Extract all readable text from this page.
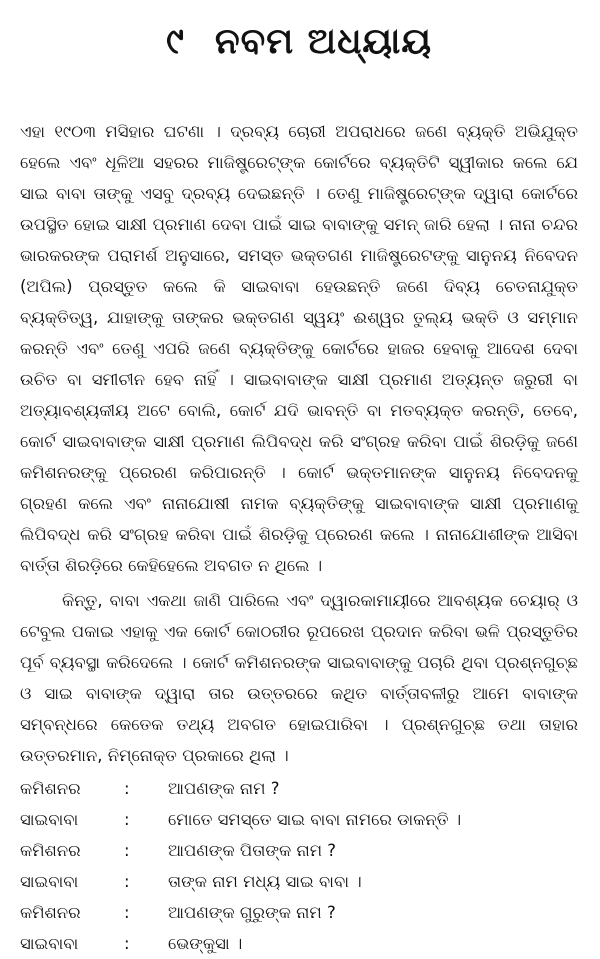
୯ ନବମ ଅଧ୍ୟାୟ

ଏହା ୧୯୦୩ ମସିହାର ଘଟଣା । ଦ୍ରବ୍ୟ ଚୋରୀ ଅପରାଧରେ ଜଣେ ବ୍ୟକ୍ତି ଅଭିଯୁକ୍ତ ହେଲେ ଏବଂ ଧୂଳିଆ ସହରର ମାଜିଷ୍ଟ୍ରେଟ୍‌ଙ୍କ କୋର୍ଟରେ ବ୍ୟକ୍ତିଟି ସ୍ୱୀକାର କଲେ ଯେ ସାଇ ବାବା ତାଙ୍କୁ ଏସବୁ ଦ୍ରବ୍ୟ ଦେଇଛନ୍ତି । ତେଣୁ ମାଜିଷ୍ଟ୍ରେଟ୍‌ଙ୍କ ଦ୍ୱାରା କୋର୍ଟରେ ଉପସ୍ଥିତ ହୋଇ ସାକ୍ଷୀ ପ୍ରମାଣ ଦେବା ପାଇଁ ସାଇ ବାବାଙ୍କୁ ସମନ୍ ଜାରି ହେଲା । ନାନା ଚନ୍ଦର ଭାରକରଙ୍କ ପରାମର୍ଶ ଅନୁସାରେ, ସମସ୍ତ ଭକ୍ତଗଣ ମାଜିଷ୍ଟ୍ରେଟଙ୍କୁ ସାନୁନୟ ନିବେଦନ (ଅପିଲ) ପ୍ରସ୍ତୁତ କଲେ କି ସାଇବାବା ହେଉଛନ୍ତି ଜଣେ ଦିବ୍ୟ ଚେତନାଯୁକ୍ତ ବ୍ୟକ୍ତିତ୍ୱ, ଯାହାଙ୍କୁ ତାଙ୍କର ଭକ୍ତଗଣ ସ୍ୱୟଂ ଈଶ୍ୱର ତୁଲ୍ୟ ଭକ୍ତି ଓ ସମ୍ମାନ କରନ୍ତି ଏବଂ ତେଣୁ ଏପରି ଜଣେ ବ୍ୟକ୍ତିଙ୍କୁ କୋର୍ଟରେ ହାଜର ହେବାକୁ ଆଦେଶ ଦେବା ଉଚିତ ବା ସମୀଚୀନ ହେବ ନାହିଁ । ସାଇବାବାଙ୍କ ସାକ୍ଷୀ ପ୍ରମାଣ ଅତ୍ୟନ୍ତ ଜରୁରୀ ବା ଅତ୍ୟାବଶ୍ୟକୀୟ ଅଟେ ବୋଲି, କୋର୍ଟ ଯଦି ଭାବନ୍ତି ବା ମତବ୍ୟକ୍ତ କରନ୍ତି, ତେବେ, କୋର୍ଟ ସାଇବାବାଙ୍କ ସାକ୍ଷୀ ପ୍ରମାଣ ଲିପିବଦ୍ଧ କରି ସଂଗ୍ରହ କରିବା ପାଇଁ ଶିରଡ଼ିକୁ ଜଣେ କମିଶନରଙ୍କୁ ପ୍ରେରଣ କରିପାରନ୍ତି । କୋର୍ଟ ଭକ୍ତମାନଙ୍କ ସାନୁନୟ ନିବେଦନକୁ ଗ୍ରହଣ କଲେ ଏବଂ ନାନାଯୋଷୀ ନାମକ ବ୍ୟକ୍ତିଙ୍କୁ ସାଇବାବାଙ୍କ ସାକ୍ଷୀ ପ୍ରମାଣକୁ ଲିପିବଦ୍ଧ କରି ସଂଗ୍ରହ କରିବା ପାଇଁ ଶିରଡ଼ିକୁ ପ୍ରେରଣ କଲେ । ନାନାଯୋଶୀଙ୍କ ଆସିବା ବାର୍ତ୍ତା ଶିରଡ଼ିରେ କେହିହେଲେ ଅବଗତ ନ ଥିଲେ ।

କିନ୍ତୁ, ବାବା ଏକଥା ଜାଣି ପାରିଲେ ଏବଂ ଦ୍ୱାରକାମାୟୀରେ ଆବଶ୍ୟକ ଚେୟାର୍ ଓ ଟେବୁଲ ପକାଇ ଏହାକୁ ଏକ କୋର୍ଟ କୋଠରୀର ରୂପରେଖ ପ୍ରଦାନ କରିବା ଭଳି ପ୍ରସ୍ତୁତିର ପୂର୍ବ ବ୍ୟବସ୍ଥା କରିଦେଲେ । କୋର୍ଟ କମିଶନରଙ୍କ ସାଇବାବାଙ୍କୁ ପଚାରି ଥିବା ପ୍ରଶ୍ନଗୁଚ୍ଛ ଓ ସାଇ ବାବାଙ୍କ ଦ୍ୱାରା ତାର ଉତ୍ତରରେ କଥିତ ବାର୍ତ୍ତାବଳୀରୁ ଆମେ ବାବାଙ୍କ ସମ୍ବନ୍ଧରେ କେତେକ ତଥ୍ୟ ଅବଗତ ହୋଇପାରିବା । ପ୍ରଶ୍ନଗୁଚ୍ଛ ତଥା ତାହାର ଉତ୍ତରମାନ, ନିମ୍ନୋକ୍ତ ପ୍ରକାରେ ଥିଲା ।

କମିଶନର	:	ଆପଣଙ୍କ ନାମ ?
ସାଇବାବା	:	ମୋତେ ସମସ୍ତେ ସାଇ ବାବା ନାମରେ ଡାକନ୍ତି ।
କମିଶନର	:	ଆପଣଙ୍କ ପିତାଙ୍କ ନାମ ?
ସାଇବାବା	:	ତାଙ୍କ ନାମ ମଧ୍ୟ ସାଇ ବାବା ।
କମିଶନର	:	ଆପଣଙ୍କ ଗୁରୁଙ୍କ ନାମ ?
ସାଇବାବା	:	ଭେଙ୍କୁସା ।
